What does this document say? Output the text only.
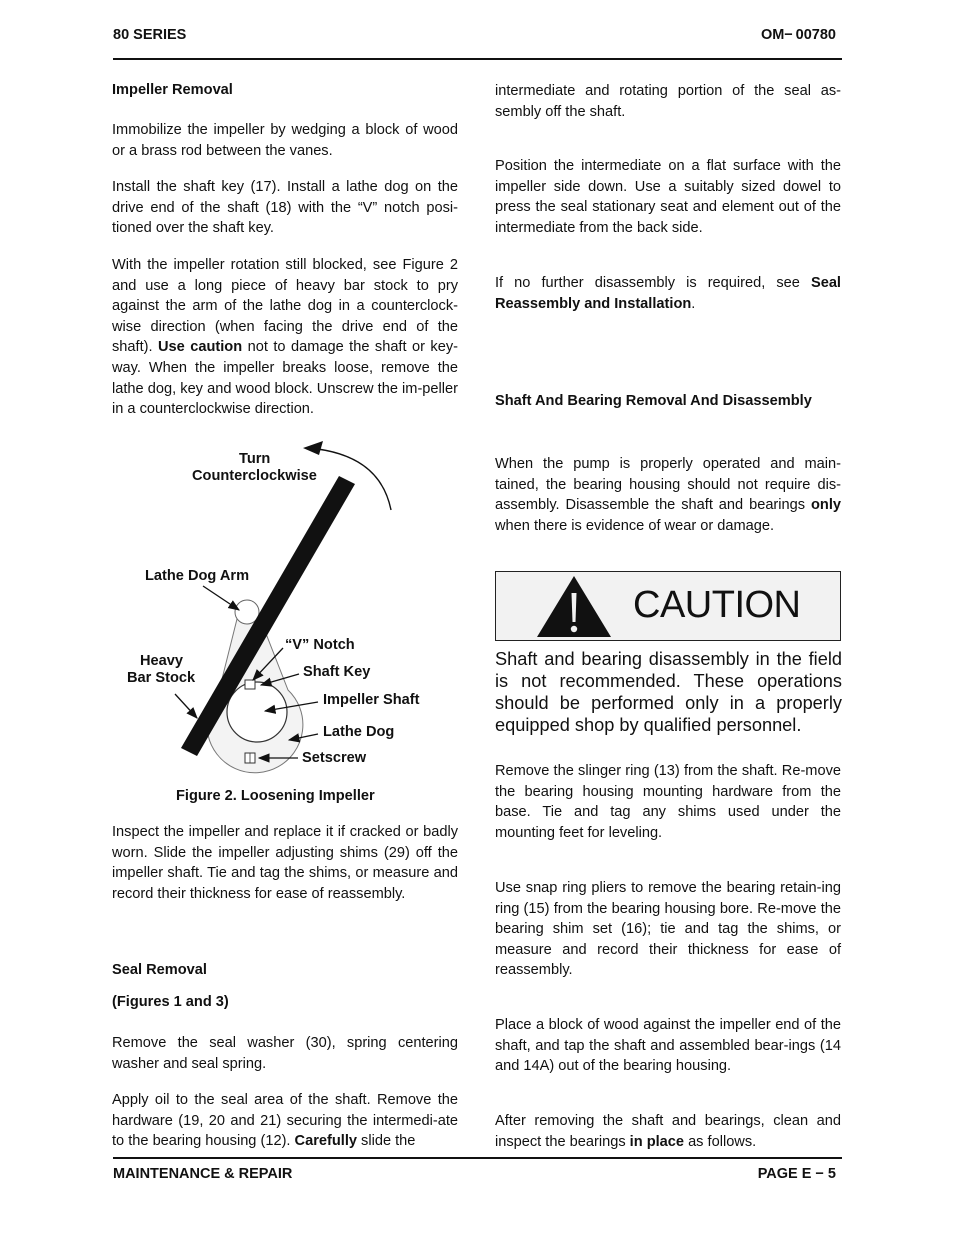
80 SERIES	OM− 00780
Impeller Removal
Immobilize the impeller by wedging a block of wood or a brass rod between the vanes.
Install the shaft key (17). Install a lathe dog on the drive end of the shaft (18) with the “V” notch posi-tioned over the shaft key.
With the impeller rotation still blocked, see Figure 2 and use a long piece of heavy bar stock to pry against the arm of the lathe dog in a counterclock-wise direction (when facing the drive end of the shaft). Use caution not to damage the shaft or key-way. When the impeller breaks loose, remove the lathe dog, key and wood block. Unscrew the im-peller in a counterclockwise direction.
Turn
Counterclockwise
Lathe Dog Arm
“V” Notch
Heavy
Bar Stock	Shaft Key
Impeller Shaft
Lathe Dog
Setscrew
Figure 2. Loosening Impeller
Inspect the impeller and replace it if cracked or badly worn. Slide the impeller adjusting shims (29) off the impeller shaft. Tie and tag the shims, or measure and record their thickness for ease of reassembly.
Seal Removal
(Figures 1 and 3)
Remove the seal washer (30), spring centering washer and seal spring.
Apply oil to the seal area of the shaft. Remove the hardware (19, 20 and 21) securing the intermedi-ate to the bearing housing (12). Carefully slide the
intermediate and rotating portion of the seal as-sembly off the shaft.
Position the intermediate on a flat surface with the impeller side down. Use a suitably sized dowel to press the seal stationary seat and element out of the intermediate from the back side.
If no further disassembly is required, see Seal Reassembly and Installation.
Shaft And Bearing Removal And Disassembly
When the pump is properly operated and main-tained, the bearing housing should not require dis-assembly. Disassemble the shaft and bearings only when there is evidence of wear or damage.
CAUTION
Shaft and bearing disassembly in the field is not recommended. These operations should be performed only in a properly equipped shop by qualified personnel.
Remove the slinger ring (13) from the shaft. Re-move the bearing housing mounting hardware from the base. Tie and tag any shims used under the mounting feet for leveling.
Use snap ring pliers to remove the bearing retain-ing ring (15) from the bearing housing bore. Re-move the bearing shim set (16); tie and tag the shims, or measure and record their thickness for ease of reassembly.
Place a block of wood against the impeller end of the shaft, and tap the shaft and assembled bear-ings (14 and 14A) out of the bearing housing.
After removing the shaft and bearings, clean and inspect the bearings in place as follows.
MAINTENANCE & REPAIR	PAGE E − 5
